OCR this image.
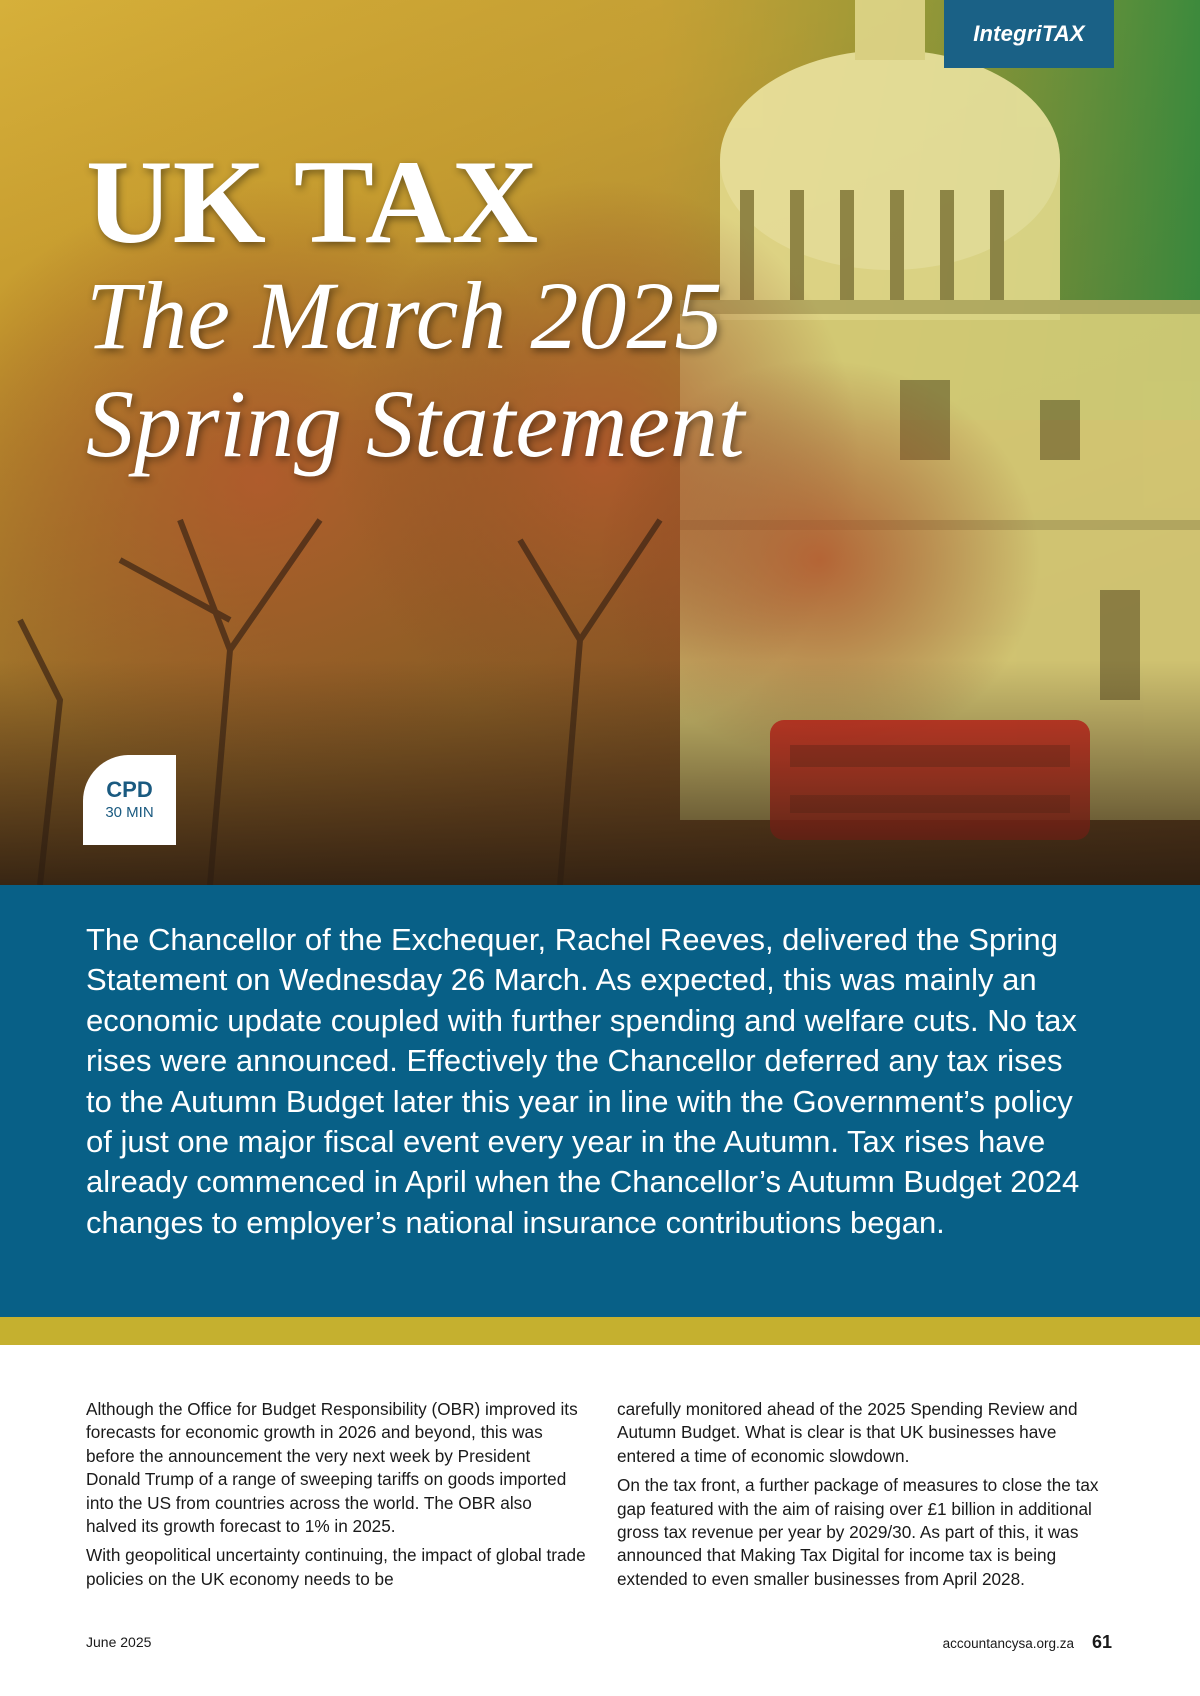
IntegriTAX
UK TAX
The March 2025 Spring Statement
CPD
30 MIN

The Chancellor of the Exchequer, Rachel Reeves, delivered the Spring Statement on Wednesday 26 March. As expected, this was mainly an economic update coupled with further spending and welfare cuts. No tax rises were announced. Effectively the Chancellor deferred any tax rises to the Autumn Budget later this year in line with the Government’s policy of just one major fiscal event every year in the Autumn. Tax rises have already commenced in April when the Chancellor’s Autumn Budget 2024 changes to employer’s national insurance contributions began.

Although the Office for Budget Responsibility (OBR) improved its forecasts for economic growth in 2026 and beyond, this was before the announcement the very next week by President Donald Trump of a range of sweeping tariffs on goods imported into the US from countries across the world. The OBR also halved its growth forecast to 1% in 2025.

With geopolitical uncertainty continuing, the impact of global trade policies on the UK economy needs to be

carefully monitored ahead of the 2025 Spending Review and Autumn Budget. What is clear is that UK businesses have entered a time of economic slowdown.

On the tax front, a further package of measures to close the tax gap featured with the aim of raising over £1 billion in additional gross tax revenue per year by 2029/30. As part of this, it was announced that Making Tax Digital for income tax is being extended to even smaller businesses from April 2028.

June 2025	accountancysa.org.za 61
